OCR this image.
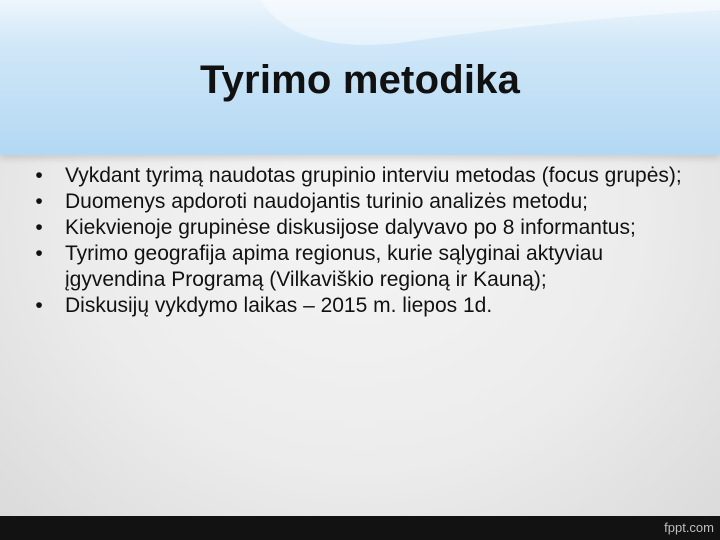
Tyrimo metodika
• Vykdant tyrimą naudotas grupinio interviu metodas (focus grupės);
• Duomenys apdoroti naudojantis turinio analizės metodu;
• Kiekvienoje grupinėse diskusijose dalyvavo po 8 informantus;
• Tyrimo geografija apima regionus, kurie sąlyginai aktyviau įgyvendina Programą (Vilkaviškio regioną ir Kauną);
• Diskusijų vykdymo laikas – 2015 m. liepos 1d.
fppt.com
